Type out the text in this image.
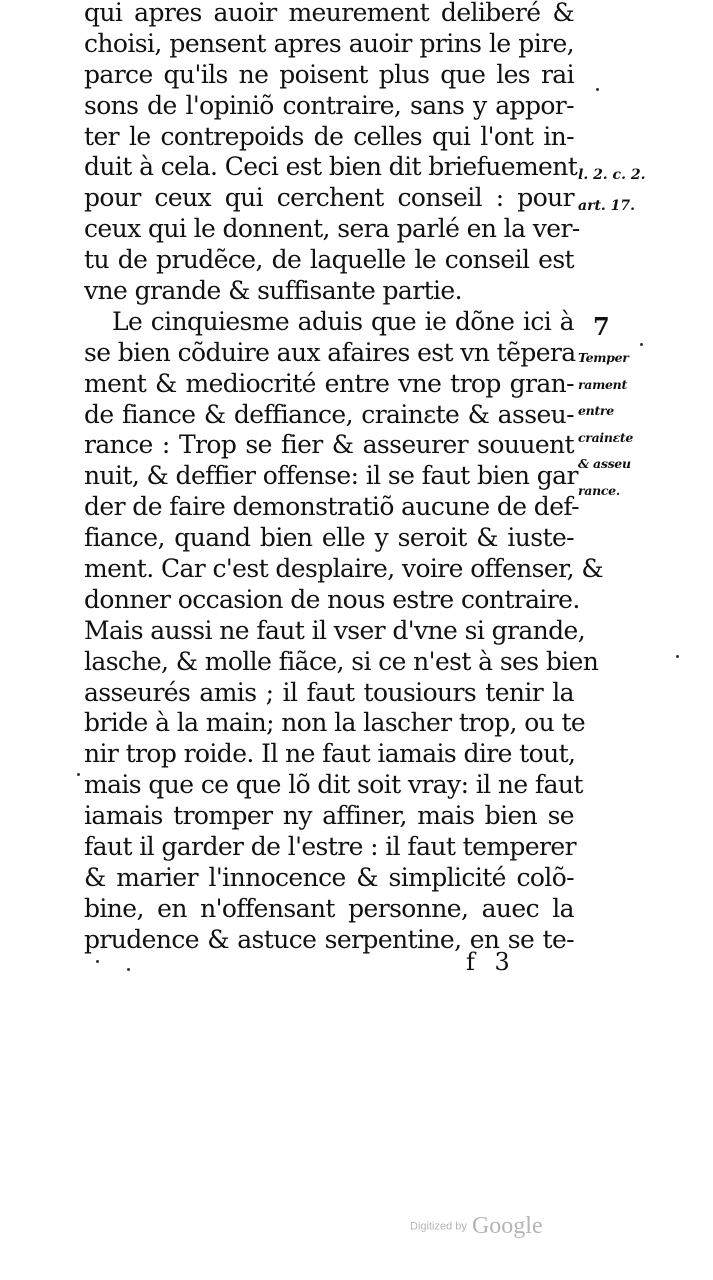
qui apres auoir meurement deliberé &
choisi, pensent apres auoir prins le pire,
parce qu'ils ne poisent plus que les rai
sons de l'opiniõ contraire, sans y appor-
ter le contrepoids de celles qui l'ont in-
duit à cela. Ceci est bien dit briefuement
pour ceux qui cerchent conseil : pour
ceux qui le donnent, sera parlé en la ver-
tu de prudẽce, de laquelle le conseil est
vne grande & suffisante partie.
Le cinquiesme aduis que ie dõne ici à
se bien cõduire aux afaires est vn tẽpera
ment & mediocrité entre vne trop gran-
de fiance & deffiance, crainɛte & asseu-
rance : Trop se fier & asseurer souuent
nuit, & deffier offense: il se faut bien gar
der de faire demonstratiõ aucune de def-
fiance, quand bien elle y seroit & iuste-
ment. Car c'est desplaire, voire offenser, &
donner occasion de nous estre contraire.
Mais aussi ne faut il vser d'vne si grande,
lasche, & molle fiãce, si ce n'est à ses bien
asseurés amis ; il faut tousiours tenir la
bride à la main; non la lascher trop, ou te
nir trop roide. Il ne faut iamais dire tout,
mais que ce que lõ dit soit vray: il ne faut
iamais tromper ny affiner, mais bien se
faut il garder de l'estre : il faut temperer
& marier l'innocence & simplicité colõ-
bine, en n'offensant personne, auec la
prudence & astuce serpentine, en se te-
f 3
l. 2. c. 2.
art. 17.
7
Temper
rament
entre
crainɛte
& asseu
rance.
Digitized by Google
